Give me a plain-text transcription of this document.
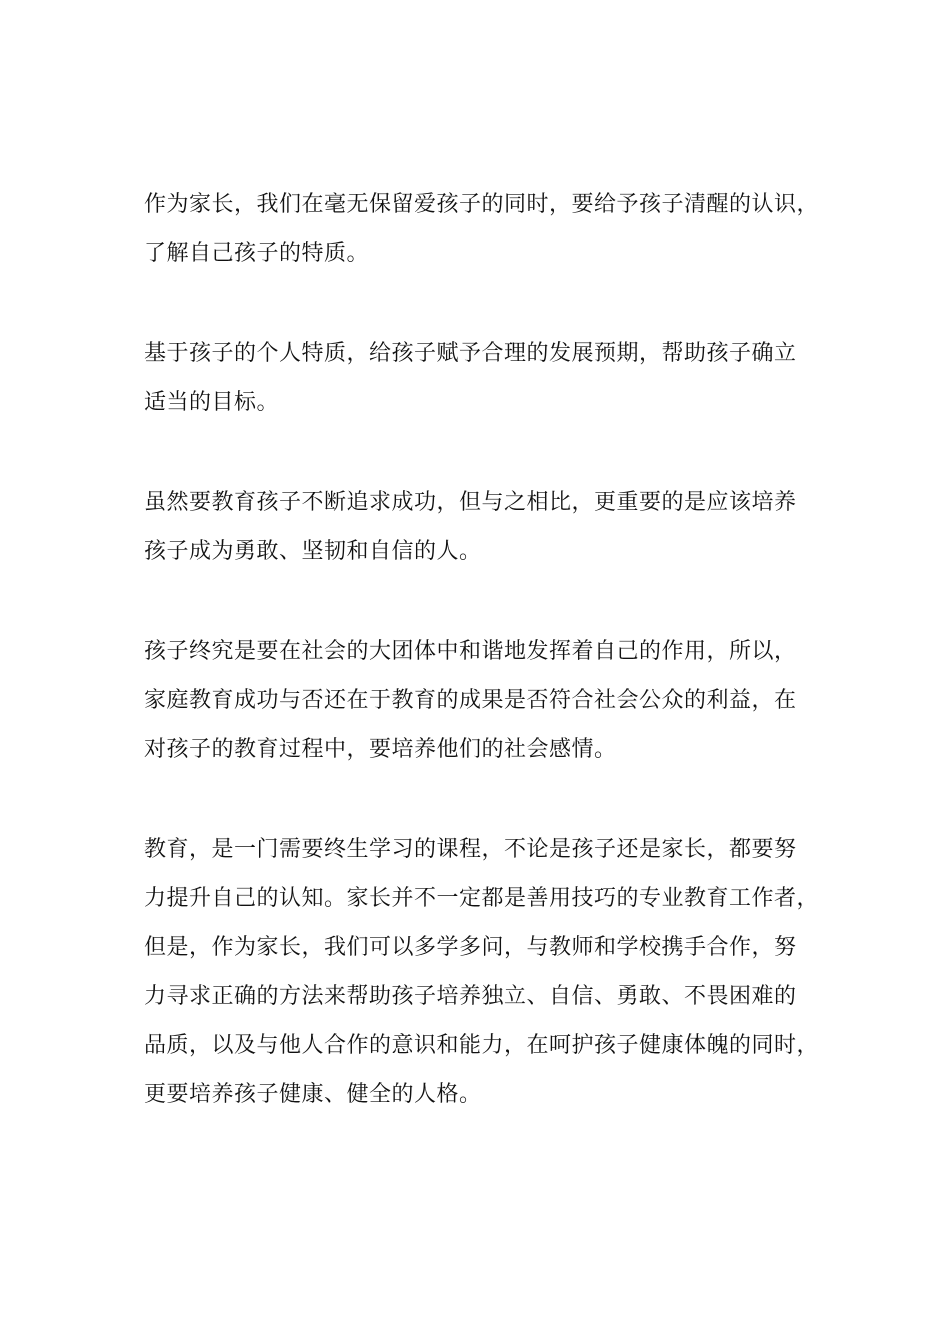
作为家长，我们在毫无保留爱孩子的同时，要给予孩子清醒的认识，
了解自己孩子的特质。

基于孩子的个人特质，给孩子赋予合理的发展预期，帮助孩子确立
适当的目标。

虽然要教育孩子不断追求成功，但与之相比，更重要的是应该培养
孩子成为勇敢、坚韧和自信的人。

孩子终究是要在社会的大团体中和谐地发挥着自己的作用，所以，
家庭教育成功与否还在于教育的成果是否符合社会公众的利益，在
对孩子的教育过程中，要培养他们的社会感情。

教育，是一门需要终生学习的课程，不论是孩子还是家长，都要努
力提升自己的认知。家长并不一定都是善用技巧的专业教育工作者，
但是，作为家长，我们可以多学多问，与教师和学校携手合作，努
力寻求正确的方法来帮助孩子培养独立、自信、勇敢、不畏困难的
品质，以及与他人合作的意识和能力，在呵护孩子健康体魄的同时，
更要培养孩子健康、健全的人格。
